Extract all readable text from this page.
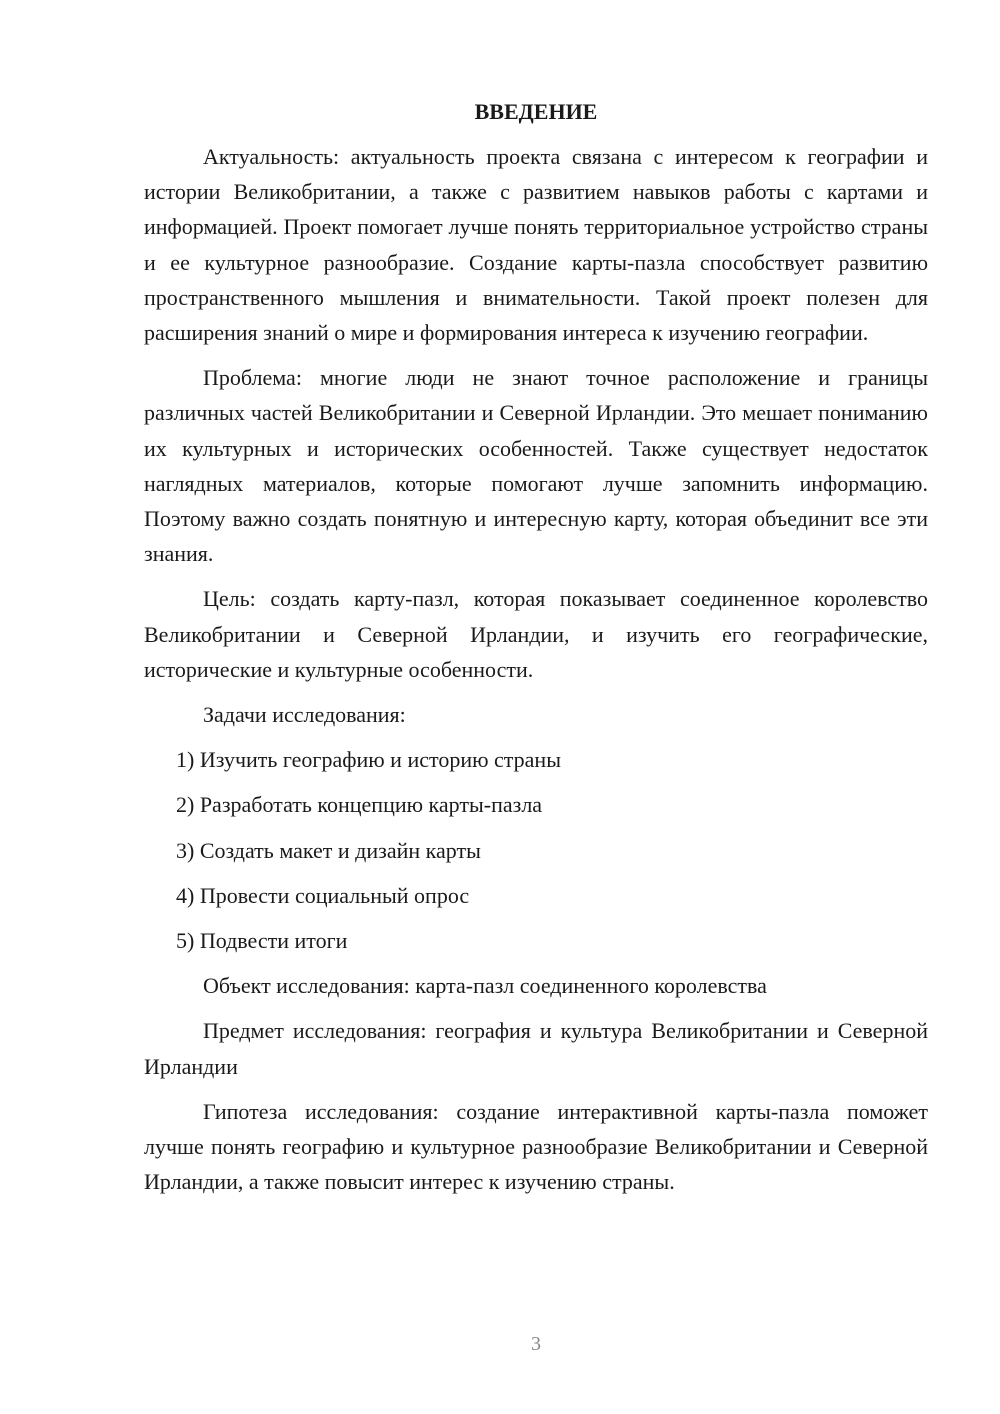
ВВЕДЕНИЕ

Актуальность: актуальность проекта связана с интересом к географии и истории Великобритании, а также с развитием навыков работы с картами и информацией. Проект помогает лучше понять территориальное устройство страны и ее культурное разнообразие. Создание карты-пазла способствует развитию пространственного мышления и внимательности. Такой проект полезен для расширения знаний о мире и формирования интереса к изучению географии.

Проблема: многие люди не знают точное расположение и границы различных частей Великобритании и Северной Ирландии. Это мешает пониманию их культурных и исторических особенностей. Также существует недостаток наглядных материалов, которые помогают лучше запомнить информацию. Поэтому важно создать понятную и интересную карту, которая объединит все эти знания.

Цель: создать карту-пазл, которая показывает соединенное королевство Великобритании и Северной Ирландии, и изучить его географические, исторические и культурные особенности.

Задачи исследования:

1) Изучить географию и историю страны
2) Разработать концепцию карты-пазла
3) Создать макет и дизайн карты
4) Провести социальный опрос
5) Подвести итоги

Объект исследования: карта-пазл соединенного королевства

Предмет исследования: география и культура Великобритании и Северной Ирландии

Гипотеза исследования: создание интерактивной карты-пазла поможет лучше понять географию и культурное разнообразие Великобритании и Северной Ирландии, а также повысит интерес к изучению страны.

3
